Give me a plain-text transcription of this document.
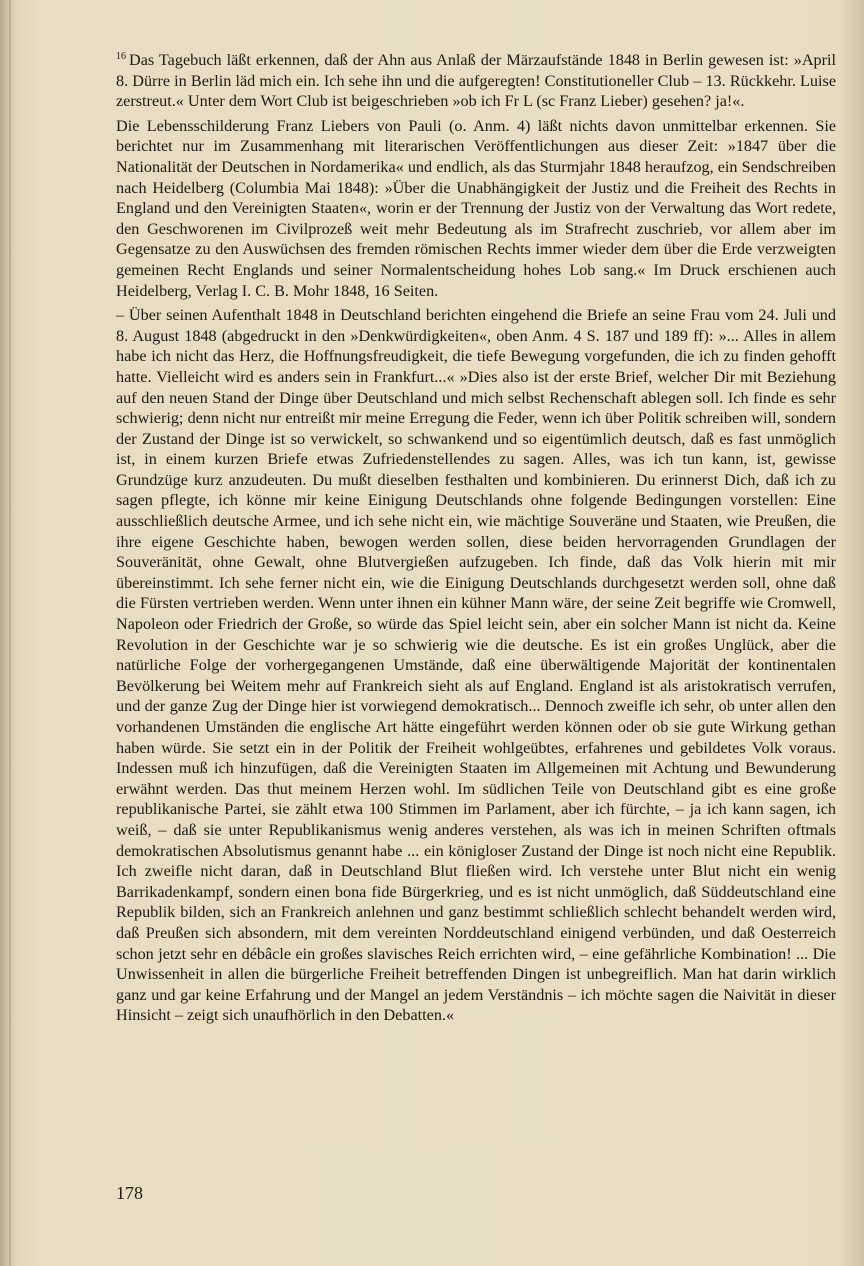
$^{16}$ Das Tagebuch läßt erkennen, daß der Ahn aus Anlaß der Märzaufstände 1848 in Berlin gewesen ist: »April 8. Dürre in Berlin läd mich ein. Ich sehe ihn und die aufgeregten! Constitutioneller Club – 13. Rückkehr. Luise zerstreut.« Unter dem Wort Club ist beigeschrieben »ob ich Fr L (sc Franz Lieber) gesehen? ja!«.

Die Lebensschilderung Franz Liebers von Pauli (o. Anm. 4) läßt nichts davon unmittelbar erkennen. Sie berichtet nur im Zusammenhang mit literarischen Veröffentlichungen aus dieser Zeit: »1847 über die Nationalität der Deutschen in Nordamerika« und endlich, als das Sturmjahr 1848 heraufzog, ein Sendschreiben nach Heidelberg (Columbia Mai 1848): »Über die Unabhängigkeit der Justiz und die Freiheit des Rechts in England und den Vereinigten Staaten«, worin er der Trennung der Justiz von der Verwaltung das Wort redete, den Geschworenen im Civilprozeß weit mehr Bedeutung als im Strafrecht zuschrieb, vor allem aber im Gegensatze zu den Auswüchsen des fremden römischen Rechts immer wieder dem über die Erde verzweigten gemeinen Recht Englands und seiner Normalentscheidung hohes Lob sang.« Im Druck erschienen auch Heidelberg, Verlag I. C. B. Mohr 1848, 16 Seiten.

– Über seinen Aufenthalt 1848 in Deutschland berichten eingehend die Briefe an seine Frau vom 24. Juli und 8. August 1848 (abgedruckt in den »Denkwürdigkeiten«, oben Anm. 4 S. 187 und 189 ff): »... Alles in allem habe ich nicht das Herz, die Hoffnungsfreudigkeit, die tiefe Bewegung vorgefunden, die ich zu finden gehofft hatte. Vielleicht wird es anders sein in Frankfurt...« »Dies also ist der erste Brief, welcher Dir mit Beziehung auf den neuen Stand der Dinge über Deutschland und mich selbst Rechenschaft ablegen soll. Ich finde es sehr schwierig; denn nicht nur entreißt mir meine Erregung die Feder, wenn ich über Politik schreiben will, sondern der Zustand der Dinge ist so verwickelt, so schwankend und so eigentümlich deutsch, daß es fast unmöglich ist, in einem kurzen Briefe etwas Zufriedenstellendes zu sagen. Alles, was ich tun kann, ist, gewisse Grundzüge kurz anzudeuten. Du mußt dieselben festhalten und kombinieren. Du erinnerst Dich, daß ich zu sagen pflegte, ich könne mir keine Einigung Deutschlands ohne folgende Bedingungen vorstellen: Eine ausschließlich deutsche Armee, und ich sehe nicht ein, wie mächtige Souveräne und Staaten, wie Preußen, die ihre eigene Geschichte haben, bewogen werden sollen, diese beiden hervorragenden Grundlagen der Souveränität, ohne Gewalt, ohne Blutvergießen aufzugeben. Ich finde, daß das Volk hierin mit mir übereinstimmt. Ich sehe ferner nicht ein, wie die Einigung Deutschlands durchgesetzt werden soll, ohne daß die Fürsten vertrieben werden. Wenn unter ihnen ein kühner Mann wäre, der seine Zeit begriffe wie Cromwell, Napoleon oder Friedrich der Große, so würde das Spiel leicht sein, aber ein solcher Mann ist nicht da. Keine Revolution in der Geschichte war je so schwierig wie die deutsche. Es ist ein großes Unglück, aber die natürliche Folge der vorhergegangenen Umstände, daß eine überwältigende Majorität der kontinentalen Bevölkerung bei Weitem mehr auf Frankreich sieht als auf England. England ist als aristokratisch verrufen, und der ganze Zug der Dinge hier ist vorwiegend demokratisch... Dennoch zweifle ich sehr, ob unter allen den vorhandenen Umständen die englische Art hätte eingeführt werden können oder ob sie gute Wirkung gethan haben würde. Sie setzt ein in der Politik der Freiheit wohlgeübtes, erfahrenes und gebildetes Volk voraus. Indessen muß ich hinzufügen, daß die Vereinigten Staaten im Allgemeinen mit Achtung und Bewunderung erwähnt werden. Das thut meinem Herzen wohl. Im südlichen Teile von Deutschland gibt es eine große republikanische Partei, sie zählt etwa 100 Stimmen im Parlament, aber ich fürchte, – ja ich kann sagen, ich weiß, – daß sie unter Republikanismus wenig anderes verstehen, als was ich in meinen Schriften oftmals demokratischen Absolutismus genannt habe ... ein königloser Zustand der Dinge ist noch nicht eine Republik. Ich zweifle nicht daran, daß in Deutschland Blut fließen wird. Ich verstehe unter Blut nicht ein wenig Barrikadenkampf, sondern einen bona fide Bürgerkrieg, und es ist nicht unmöglich, daß Süddeutschland eine Republik bilden, sich an Frankreich anlehnen und ganz bestimmt schließlich schlecht behandelt werden wird, daß Preußen sich absondern, mit dem vereinten Norddeutschland einigend verbünden, und daß Oesterreich schon jetzt sehr en débâcle ein großes slavisches Reich errichten wird, – eine gefährliche Kombination! ... Die Unwissenheit in allen die bürgerliche Freiheit betreffenden Dingen ist unbegreiflich. Man hat darin wirklich ganz und gar keine Erfahrung und der Mangel an jedem Verständnis – ich möchte sagen die Naivität in dieser Hinsicht – zeigt sich unaufhörlich in den Debatten.«

178
